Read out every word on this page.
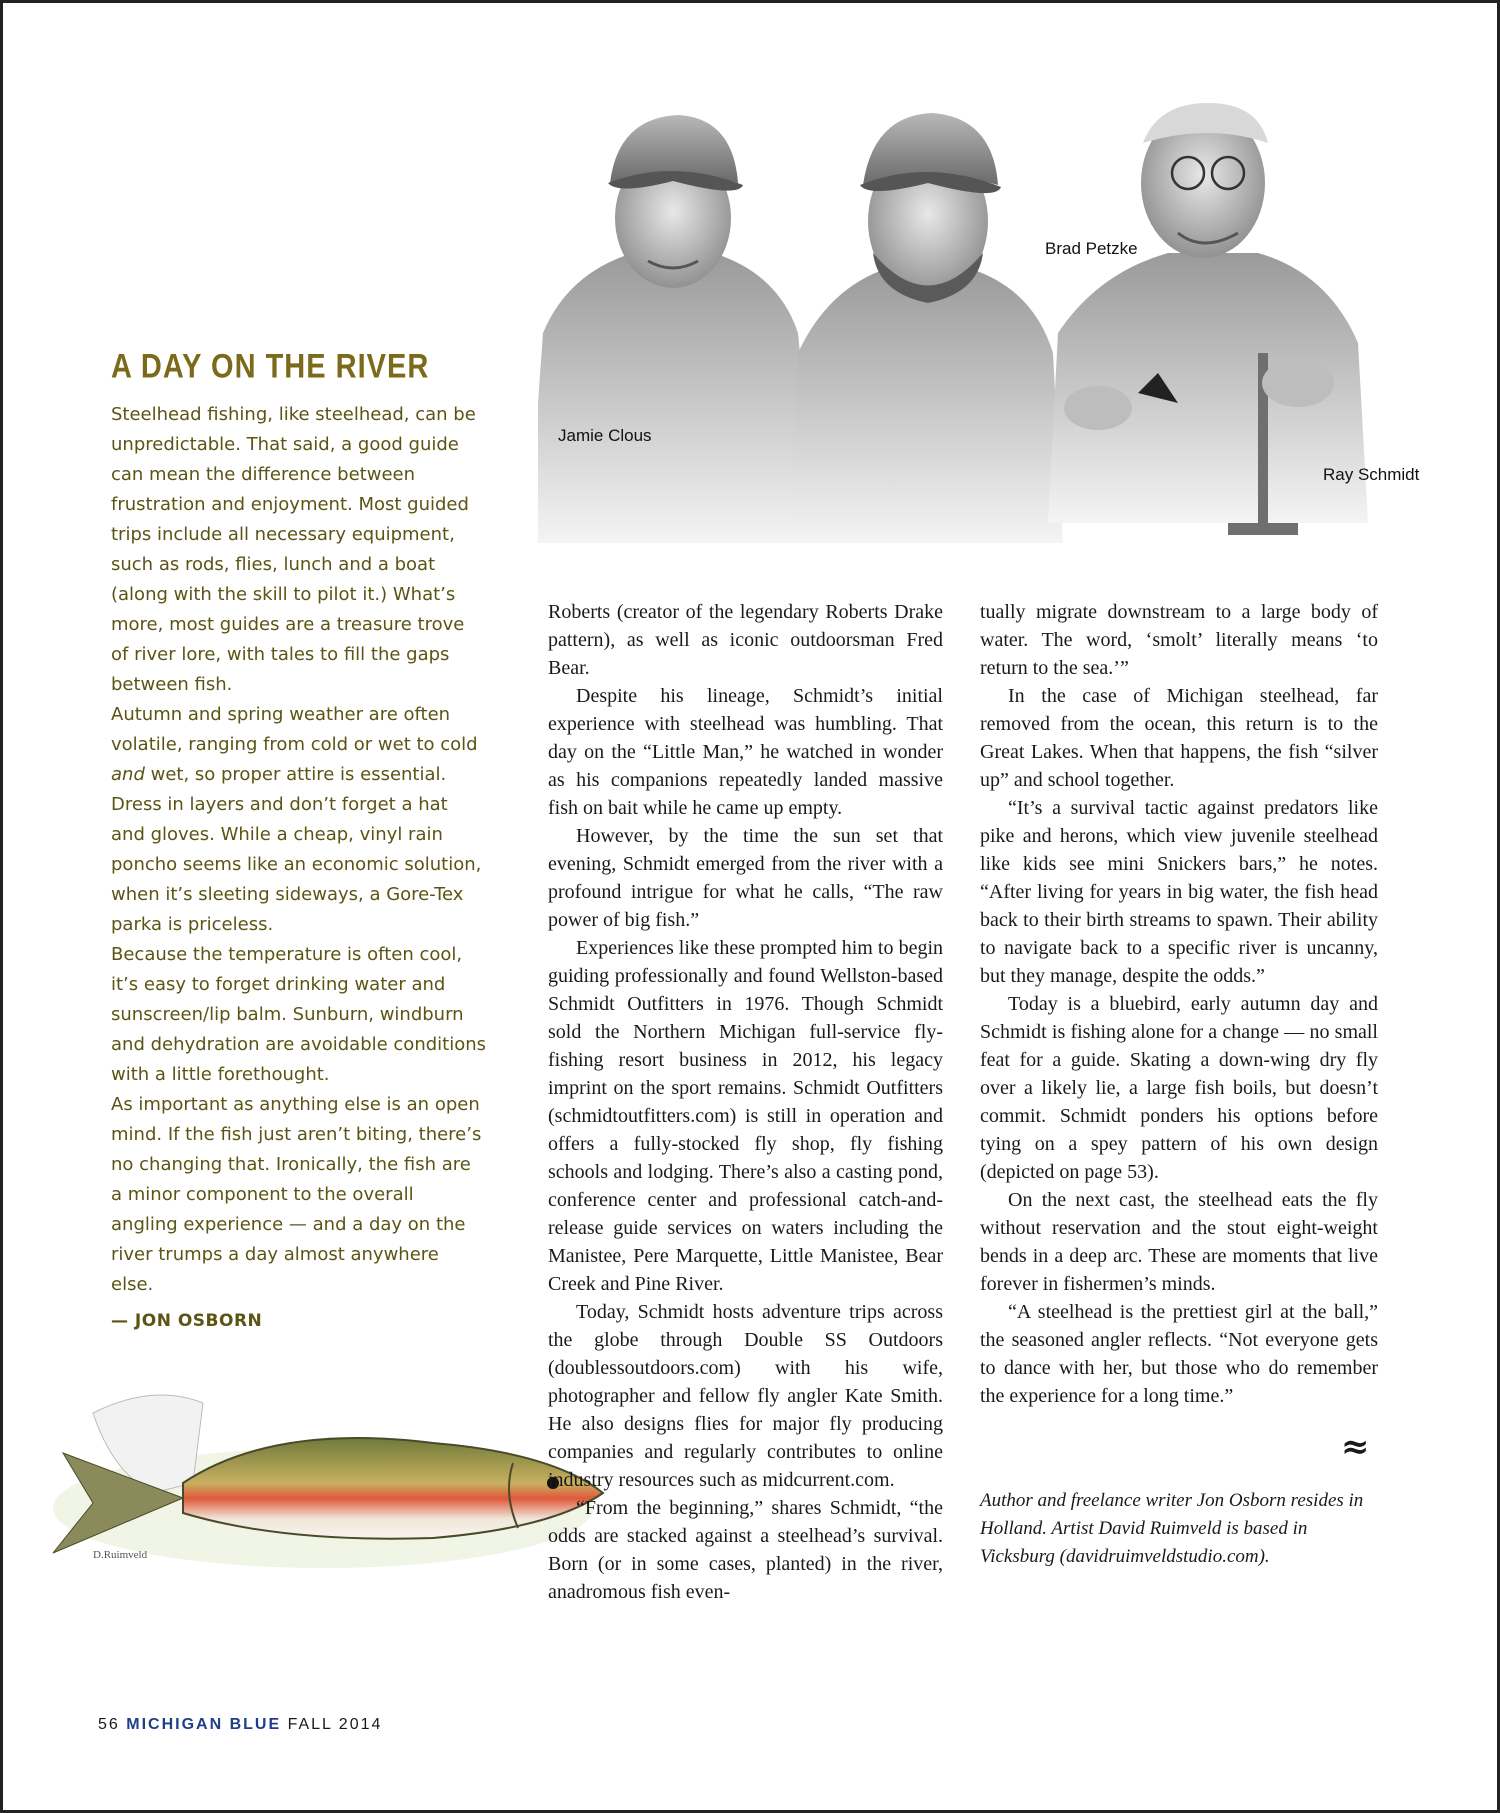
Jamie Clous
Brad Petzke
Ray Schmidt
A DAY ON THE RIVER

Steelhead fishing, like steelhead, can be unpredictable. That said, a good guide can mean the difference between frustration and enjoyment. Most guided trips include all necessary equipment, such as rods, flies, lunch and a boat (along with the skill to pilot it.) What’s more, most guides are a treasure trove of river lore, with tales to fill the gaps between fish.

Autumn and spring weather are often volatile, ranging from cold or wet to cold and wet, so proper attire is essential.

Dress in layers and don’t forget a hat and gloves. While a cheap, vinyl rain poncho seems like an economic solution, when it’s sleeting sideways, a Gore-Tex parka is priceless.

Because the temperature is often cool, it’s easy to forget drinking water and sunscreen/lip balm. Sunburn, windburn and dehydration are avoidable conditions with a little forethought.

As important as anything else is an open mind. If the fish just aren’t biting, there’s no changing that. Ironically, the fish are a minor component to the overall angling experience — and a day on the river trumps a day almost anywhere else.

— JON OSBORN

D.Ruimveld

Roberts (creator of the legendary Roberts Drake pattern), as well as iconic outdoorsman Fred Bear.

Despite his lineage, Schmidt’s initial experience with steelhead was humbling. That day on the “Little Man,” he watched in wonder as his companions repeatedly landed massive fish on bait while he came up empty.

However, by the time the sun set that evening, Schmidt emerged from the river with a profound intrigue for what he calls, “The raw power of big fish.”

Experiences like these prompted him to begin guiding professionally and found Wellston-based Schmidt Outfitters in 1976. Though Schmidt sold the Northern Michigan full-service fly-fishing resort business in 2012, his legacy imprint on the sport remains. Schmidt Outfitters (schmidtoutfitters.com) is still in operation and offers a fully-stocked fly shop, fly fishing schools and lodging. There’s also a casting pond, conference center and professional catch-and-release guide services on waters including the Manistee, Pere Marquette, Little Manistee, Bear Creek and Pine River.

Today, Schmidt hosts adventure trips across the globe through Double SS Outdoors (doublessoutdoors.com) with his wife, photographer and fellow fly angler Kate Smith. He also designs flies for major fly producing companies and regularly contributes to online industry resources such as midcurrent.com.

“From the beginning,” shares Schmidt, “the odds are stacked against a steelhead’s survival. Born (or in some cases, planted) in the river, anadromous fish even-

tually migrate downstream to a large body of water. The word, ‘smolt’ literally means ‘to return to the sea.’”

In the case of Michigan steelhead, far removed from the ocean, this return is to the Great Lakes. When that happens, the fish “silver up” and school together.

“It’s a survival tactic against predators like pike and herons, which view juvenile steelhead like kids see mini Snickers bars,” he notes. “After living for years in big water, the fish head back to their birth streams to spawn. Their ability to navigate back to a specific river is uncanny, but they manage, despite the odds.”

Today is a bluebird, early autumn day and Schmidt is fishing alone for a change — no small feat for a guide. Skating a down-wing dry fly over a likely lie, a large fish boils, but doesn’t commit. Schmidt ponders his options before tying on a spey pattern of his own design (depicted on page 53).

On the next cast, the steelhead eats the fly without reservation and the stout eight-weight bends in a deep arc. These are moments that live forever in fishermen’s minds.

“A steelhead is the prettiest girl at the ball,” the seasoned angler reflects. “Not everyone gets to dance with her, but those who do remember the experience for a long time.”

≈
Author and freelance writer Jon Osborn resides in Holland. Artist David Ruimveld is based in Vicksburg (davidruimveldstudio.com).
56 MICHIGAN BLUE FALL 2014
